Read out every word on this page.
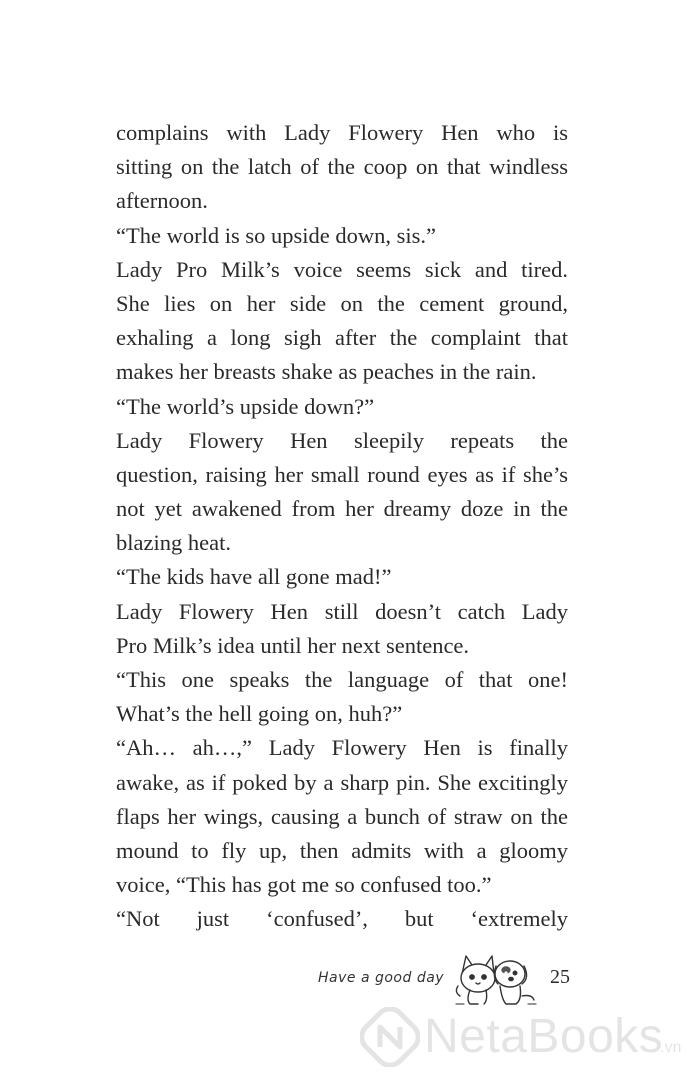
complains with Lady Flowery Hen who is
sitting on the latch of the coop on that windless
afternoon.
“The world is so upside down, sis.”
Lady Pro Milk’s voice seems sick and tired.
She lies on her side on the cement ground,
exhaling a long sigh after the complaint that
makes her breasts shake as peaches in the rain.
“The world’s upside down?”
Lady Flowery Hen sleepily repeats the
question, raising her small round eyes as if she’s
not yet awakened from her dreamy doze in the
blazing heat.
“The kids have all gone mad!”
Lady Flowery Hen still doesn’t catch Lady
Pro Milk’s idea until her next sentence.
“This one speaks the language of that one!
What’s the hell going on, huh?”
“Ah… ah…,” Lady Flowery Hen is finally
awake, as if poked by a sharp pin. She excitingly
flaps her wings, causing a bunch of straw on the
mound to fly up, then admits with a gloomy
voice, “This has got me so confused too.”
“Not just ‘confused’, but ‘extremely
Have a good day	25
NetaBooks
.vn
